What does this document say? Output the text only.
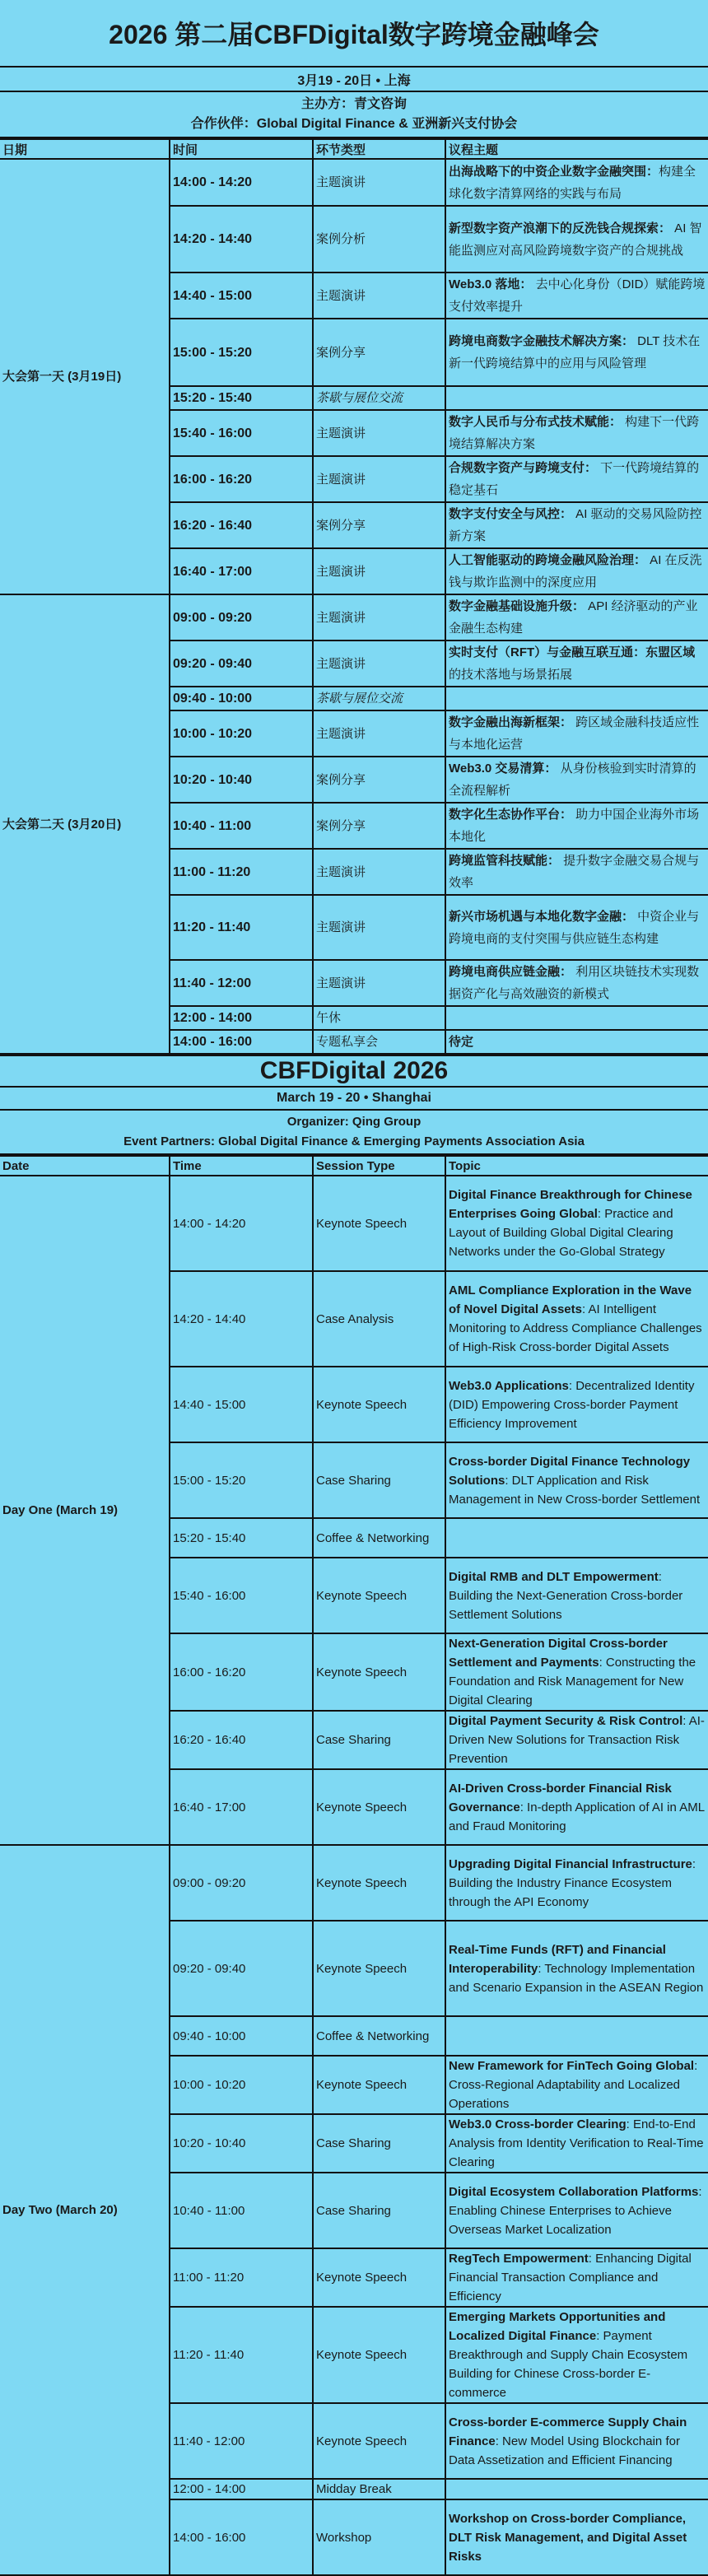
2026 第二届CBFDigital数字跨境金融峰会
3月19 - 20日 • 上海
主办方：青文咨询
合作伙伴：Global Digital Finance & 亚洲新兴支付协会
日期	时间	环节类型	议程主题
大会第一天 (3月19日)	14:00 - 14:20	主题演讲	出海战略下的中资企业数字金融突围：构建全球化数字清算网络的实践与布局
	14:20 - 14:40	案例分析	新型数字资产浪潮下的反洗钱合规探索： AI 智能监测应对高风险跨境数字资产的合规挑战
	14:40 - 15:00	主题演讲	Web3.0 落地： 去中心化身份（DID）赋能跨境支付效率提升
	15:00 - 15:20	案例分享	跨境电商数字金融技术解决方案： DLT 技术在新一代跨境结算中的应用与风险管理
	15:20 - 15:40	茶歇与展位交流	
	15:40 - 16:00	主题演讲	数字人民币与分布式技术赋能： 构建下一代跨境结算解决方案
	16:00 - 16:20	主题演讲	合规数字资产与跨境支付： 下一代跨境结算的稳定基石
	16:20 - 16:40	案例分享	数字支付安全与风控： AI 驱动的交易风险防控新方案
	16:40 - 17:00	主题演讲	人工智能驱动的跨境金融风险治理： AI 在反洗钱与欺诈监测中的深度应用
大会第二天 (3月20日)	09:00 - 09:20	主题演讲	数字金融基础设施升级： API 经济驱动的产业金融生态构建
	09:20 - 09:40	主题演讲	实时支付（RFT）与金融互联互通：东盟区域的技术落地与场景拓展
	09:40 - 10:00	茶歇与展位交流	
	10:00 - 10:20	主题演讲	数字金融出海新框架： 跨区域金融科技适应性与本地化运营
	10:20 - 10:40	案例分享	Web3.0 交易清算： 从身份核验到实时清算的全流程解析
	10:40 - 11:00	案例分享	数字化生态协作平台： 助力中国企业海外市场本地化
	11:00 - 11:20	主题演讲	跨境监管科技赋能： 提升数字金融交易合规与效率
	11:20 - 11:40	主题演讲	新兴市场机遇与本地化数字金融： 中资企业与跨境电商的支付突围与供应链生态构建
	11:40 - 12:00	主题演讲	跨境电商供应链金融： 利用区块链技术实现数据资产化与高效融资的新模式
	12:00 - 14:00	午休	
	14:00 - 16:00	专题私享会	待定
CBFDigital 2026
March 19 - 20 • Shanghai
Organizer: Qing Group
Event Partners: Global Digital Finance & Emerging Payments Association Asia
Date	Time	Session Type	Topic
Day One (March 19)	14:00 - 14:20	Keynote Speech	Digital Finance Breakthrough for Chinese Enterprises Going Global: Practice and Layout of Building Global Digital Clearing Networks under the Go-Global Strategy
	14:20 - 14:40	Case Analysis	AML Compliance Exploration in the Wave of Novel Digital Assets: AI Intelligent Monitoring to Address Compliance Challenges of High-Risk Cross-border Digital Assets
	14:40 - 15:00	Keynote Speech	Web3.0 Applications: Decentralized Identity (DID) Empowering Cross-border Payment Efficiency Improvement
	15:00 - 15:20	Case Sharing	Cross-border Digital Finance Technology Solutions: DLT Application and Risk Management in New Cross-border Settlement
	15:20 - 15:40	Coffee & Networking	
	15:40 - 16:00	Keynote Speech	Digital RMB and DLT Empowerment: Building the Next-Generation Cross-border Settlement Solutions
	16:00 - 16:20	Keynote Speech	Next-Generation Digital Cross-border Settlement and Payments: Constructing the Foundation and Risk Management for New Digital Clearing
	16:20 - 16:40	Case Sharing	Digital Payment Security & Risk Control: AI-Driven New Solutions for Transaction Risk Prevention
	16:40 - 17:00	Keynote Speech	AI-Driven Cross-border Financial Risk Governance: In-depth Application of AI in AML and Fraud Monitoring
Day Two (March 20)	09:00 - 09:20	Keynote Speech	Upgrading Digital Financial Infrastructure: Building the Industry Finance Ecosystem through the API Economy
	09:20 - 09:40	Keynote Speech	Real-Time Funds (RFT) and Financial Interoperability: Technology Implementation and Scenario Expansion in the ASEAN Region
	09:40 - 10:00	Coffee & Networking	
	10:00 - 10:20	Keynote Speech	New Framework for FinTech Going Global: Cross-Regional Adaptability and Localized Operations
	10:20 - 10:40	Case Sharing	Web3.0 Cross-border Clearing: End-to-End Analysis from Identity Verification to Real-Time Clearing
	10:40 - 11:00	Case Sharing	Digital Ecosystem Collaboration Platforms: Enabling Chinese Enterprises to Achieve Overseas Market Localization
	11:00 - 11:20	Keynote Speech	RegTech Empowerment: Enhancing Digital Financial Transaction Compliance and Efficiency
	11:20 - 11:40	Keynote Speech	Emerging Markets Opportunities and Localized Digital Finance: Payment Breakthrough and Supply Chain Ecosystem Building for Chinese Cross-border E-commerce
	11:40 - 12:00	Keynote Speech	Cross-border E-commerce Supply Chain Finance: New Model Using Blockchain for Data Assetization and Efficient Financing
	12:00 - 14:00	Midday Break	
	14:00 - 16:00	Workshop	Workshop on Cross-border Compliance, DLT Risk Management, and Digital Asset Risks
